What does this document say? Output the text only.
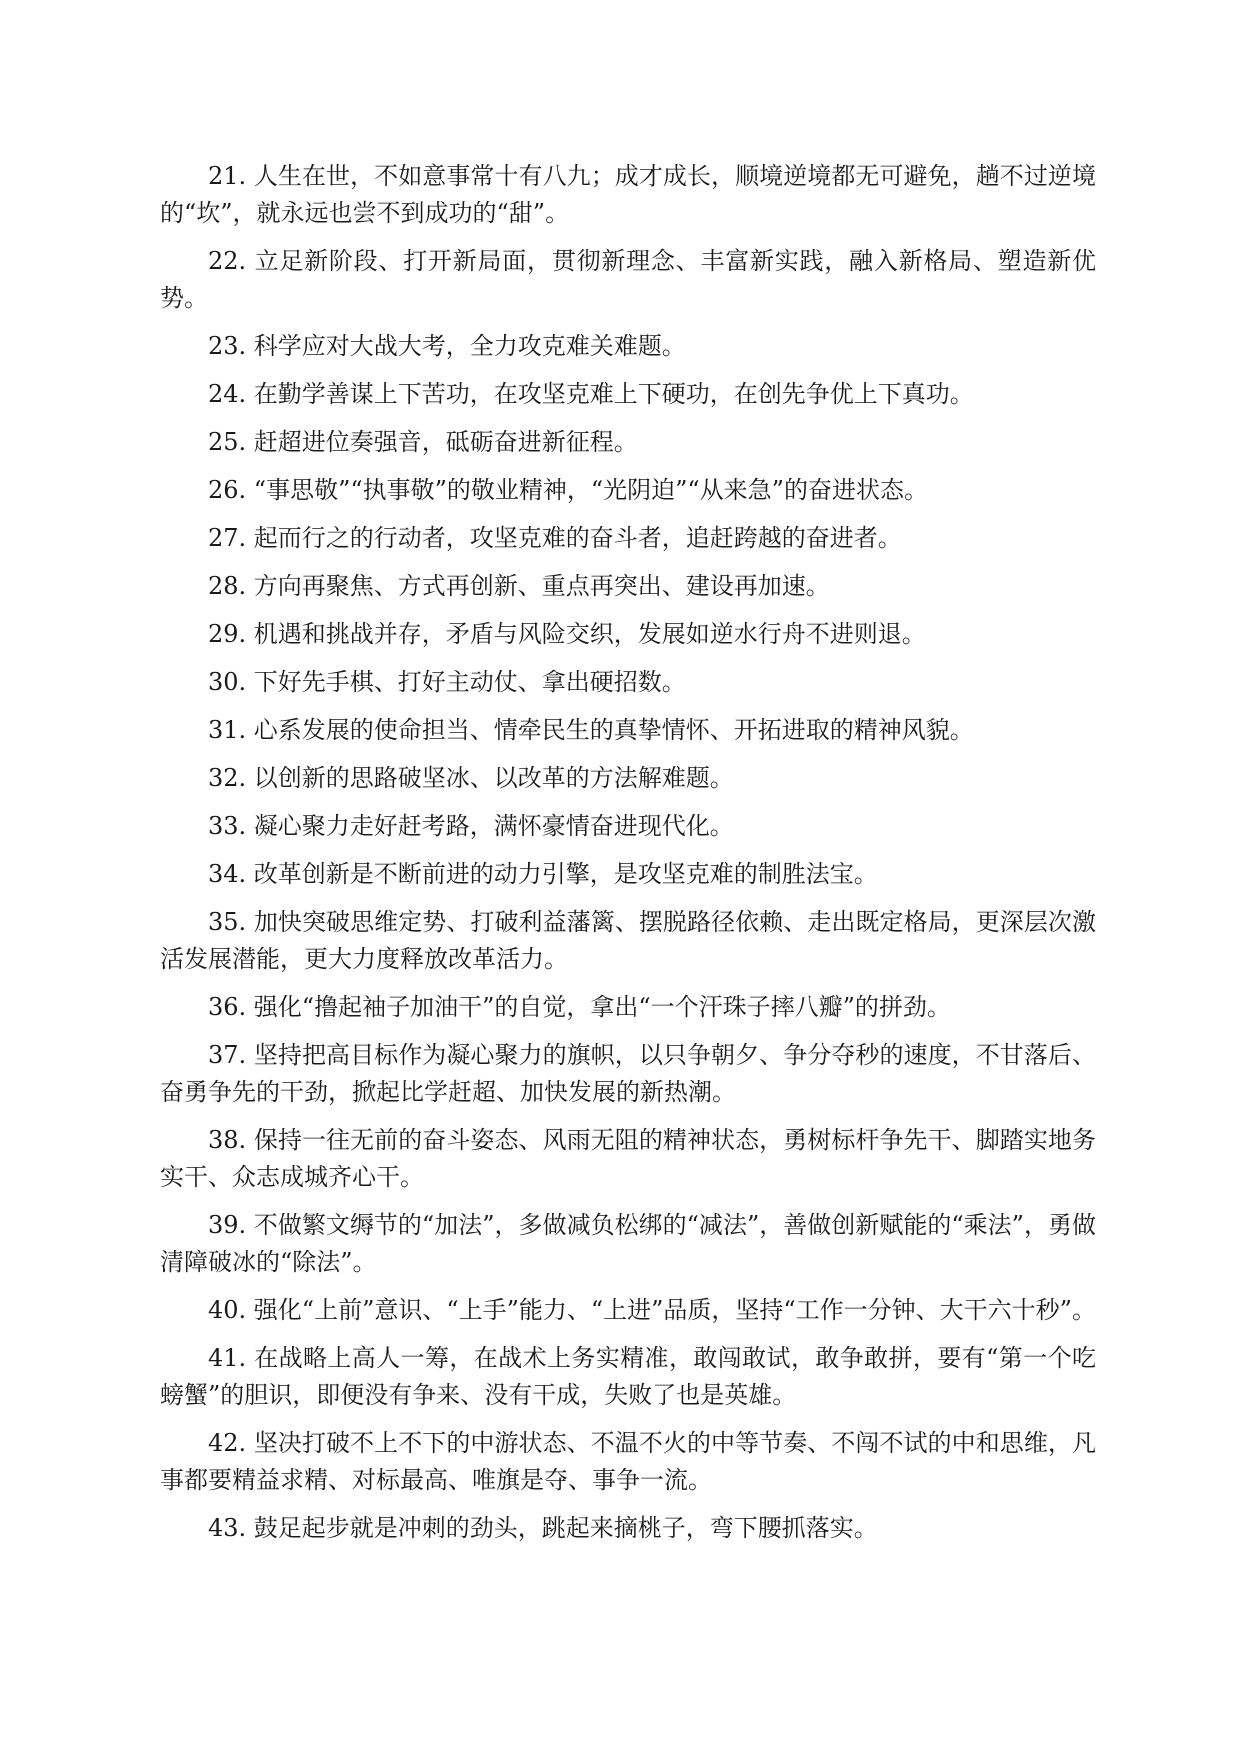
21. 人生在世，不如意事常十有八九；成才成长，顺境逆境都无可避免，趟不过逆境的“坎”，就永远也尝不到成功的“甜”。

22. 立足新阶段、打开新局面，贯彻新理念、丰富新实践，融入新格局、塑造新优势。

23. 科学应对大战大考，全力攻克难关难题。

24. 在勤学善谋上下苦功，在攻坚克难上下硬功，在创先争优上下真功。

25. 赶超进位奏强音，砥砺奋进新征程。

26. “事思敬”“执事敬”的敬业精神，“光阴迫”“从来急”的奋进状态。

27. 起而行之的行动者，攻坚克难的奋斗者，追赶跨越的奋进者。

28. 方向再聚焦、方式再创新、重点再突出、建设再加速。

29. 机遇和挑战并存，矛盾与风险交织，发展如逆水行舟不进则退。

30. 下好先手棋、打好主动仗、拿出硬招数。

31. 心系发展的使命担当、情牵民生的真挚情怀、开拓进取的精神风貌。

32. 以创新的思路破坚冰、以改革的方法解难题。

33. 凝心聚力走好赶考路，满怀豪情奋进现代化。

34. 改革创新是不断前进的动力引擎，是攻坚克难的制胜法宝。

35. 加快突破思维定势、打破利益藩篱、摆脱路径依赖、走出既定格局，更深层次激活发展潜能，更大力度释放改革活力。

36. 强化“撸起袖子加油干”的自觉，拿出“一个汗珠子摔八瓣”的拼劲。

37. 坚持把高目标作为凝心聚力的旗帜，以只争朝夕、争分夺秒的速度，不甘落后、奋勇争先的干劲，掀起比学赶超、加快发展的新热潮。

38. 保持一往无前的奋斗姿态、风雨无阻的精神状态，勇树标杆争先干、脚踏实地务实干、众志成城齐心干。

39. 不做繁文缛节的“加法”，多做减负松绑的“减法”，善做创新赋能的“乘法”，勇做清障破冰的“除法”。

40. 强化“上前”意识、“上手”能力、“上进”品质，坚持“工作一分钟、大干六十秒”。

41. 在战略上高人一筹，在战术上务实精准，敢闯敢试，敢争敢拼，要有“第一个吃螃蟹”的胆识，即便没有争来、没有干成，失败了也是英雄。

42. 坚决打破不上不下的中游状态、不温不火的中等节奏、不闯不试的中和思维，凡事都要精益求精、对标最高、唯旗是夺、事争一流。

43. 鼓足起步就是冲刺的劲头，跳起来摘桃子，弯下腰抓落实。
